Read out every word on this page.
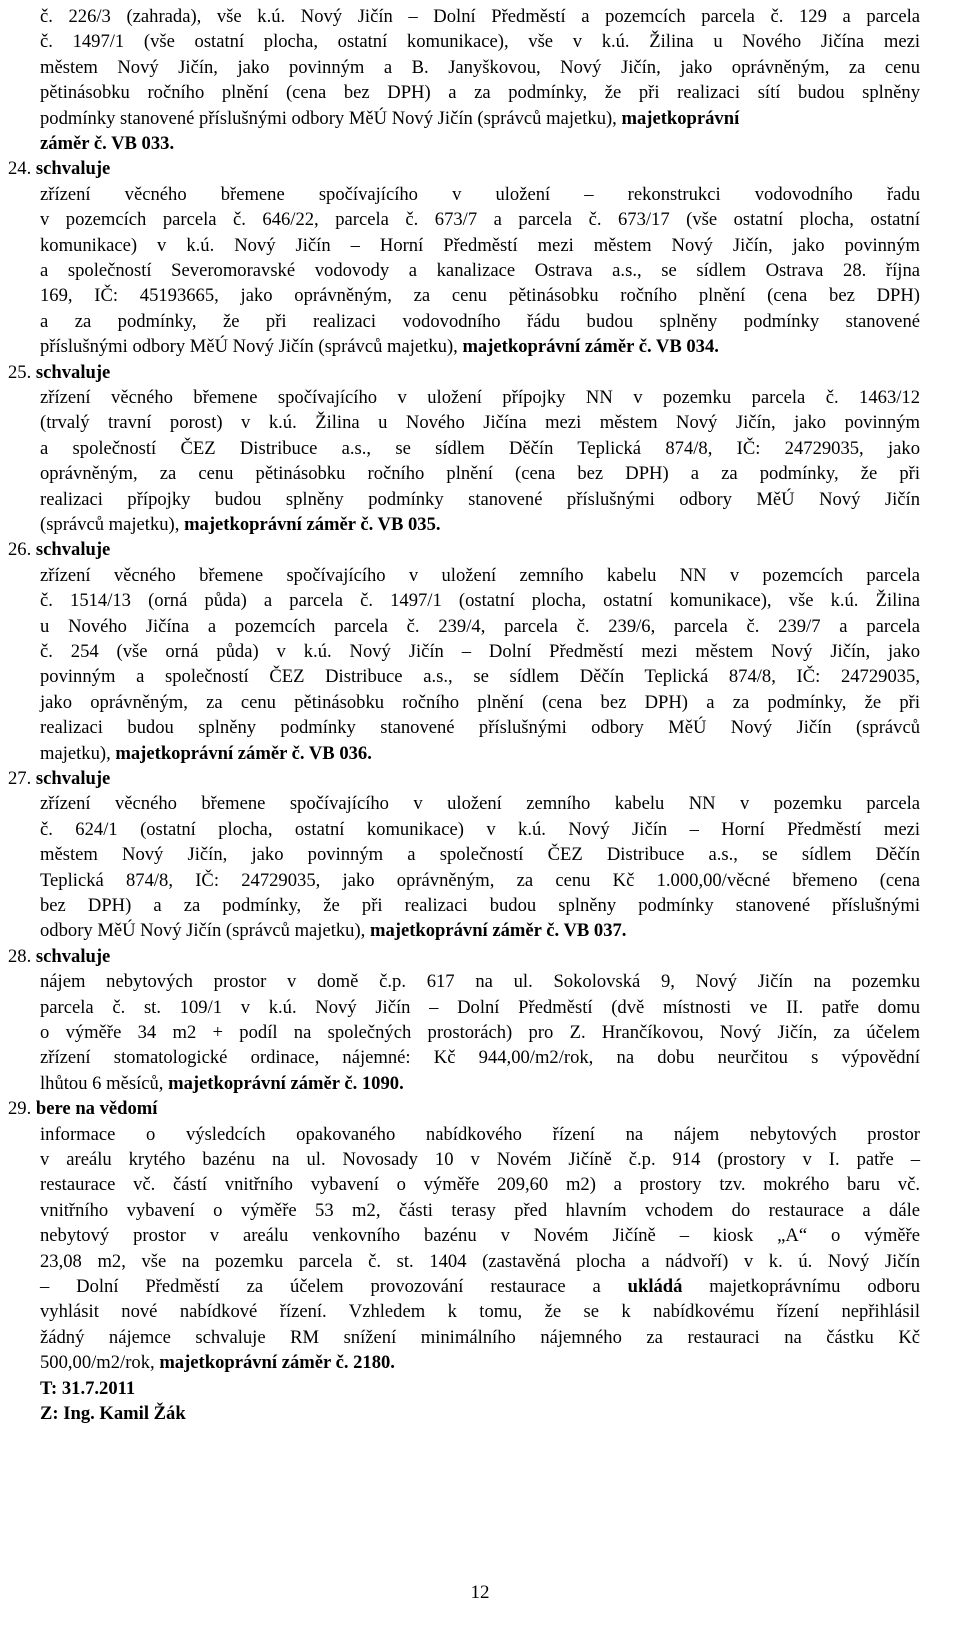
č. 226/3 (zahrada), vše k.ú. Nový Jičín – Dolní Předměstí a pozemcích parcela č. 129 a parcela
č. 1497/1 (vše ostatní plocha, ostatní komunikace), vše v k.ú. Žilina u Nového Jičína mezi
městem Nový Jičín, jako povinným a B. Janyškovou, Nový Jičín, jako oprávněným, za cenu
pětinásobku ročního plnění (cena bez DPH) a za podmínky, že při realizaci sítí budou splněny
podmínky stanovené příslušnými odbory MěÚ Nový Jičín (správců majetku), majetkoprávní
záměr č. VB 033.
24. schvaluje
zřízení věcného břemene spočívajícího v uložení – rekonstrukci vodovodního řadu
v pozemcích parcela č. 646/22, parcela č. 673/7 a parcela č. 673/17 (vše ostatní plocha, ostatní
komunikace) v k.ú. Nový Jičín – Horní Předměstí mezi městem Nový Jičín, jako povinným
a společností Severomoravské vodovody a kanalizace Ostrava a.s., se sídlem Ostrava 28. října
169, IČ: 45193665, jako oprávněným, za cenu pětinásobku ročního plnění (cena bez DPH)
a za podmínky, že při realizaci vodovodního řádu budou splněny podmínky stanovené
příslušnými odbory MěÚ Nový Jičín (správců majetku), majetkoprávní záměr č. VB 034.
25. schvaluje
zřízení věcného břemene spočívajícího v uložení přípojky NN v pozemku parcela č. 1463/12
(trvalý travní porost) v k.ú. Žilina u Nového Jičína mezi městem Nový Jičín, jako povinným
a společností ČEZ Distribuce a.s., se sídlem Děčín Teplická 874/8, IČ: 24729035, jako
oprávněným, za cenu pětinásobku ročního plnění (cena bez DPH) a za podmínky, že při
realizaci přípojky budou splněny podmínky stanovené příslušnými odbory MěÚ Nový Jičín
(správců majetku), majetkoprávní záměr č. VB 035.
26. schvaluje
zřízení věcného břemene spočívajícího v uložení zemního kabelu NN v pozemcích parcela
č. 1514/13 (orná půda) a parcela č. 1497/1 (ostatní plocha, ostatní komunikace), vše k.ú. Žilina
u Nového Jičína a pozemcích parcela č. 239/4, parcela č. 239/6, parcela č. 239/7 a parcela
č. 254 (vše orná půda) v k.ú. Nový Jičín – Dolní Předměstí mezi městem Nový Jičín, jako
povinným a společností ČEZ Distribuce a.s., se sídlem Děčín Teplická 874/8, IČ: 24729035,
jako oprávněným, za cenu pětinásobku ročního plnění (cena bez DPH) a za podmínky, že při
realizaci budou splněny podmínky stanovené příslušnými odbory MěÚ Nový Jičín (správců
majetku), majetkoprávní záměr č. VB 036.
27. schvaluje
zřízení věcného břemene spočívajícího v uložení zemního kabelu NN v pozemku parcela
č. 624/1 (ostatní plocha, ostatní komunikace) v k.ú. Nový Jičín – Horní Předměstí mezi
městem Nový Jičín, jako povinným a společností ČEZ Distribuce a.s., se sídlem Děčín
Teplická 874/8, IČ: 24729035, jako oprávněným, za cenu Kč 1.000,00/věcné břemeno (cena
bez DPH) a za podmínky, že při realizaci budou splněny podmínky stanovené příslušnými
odbory MěÚ Nový Jičín (správců majetku), majetkoprávní záměr č. VB 037.
28. schvaluje
nájem nebytových prostor v domě č.p. 617 na ul. Sokolovská 9, Nový Jičín na pozemku
parcela č. st. 109/1 v k.ú. Nový Jičín – Dolní Předměstí (dvě místnosti ve II. patře domu
o výměře 34 m2 + podíl na společných prostorách) pro Z. Hrančíkovou, Nový Jičín, za účelem
zřízení stomatologické ordinace, nájemné: Kč 944,00/m2/rok, na dobu neurčitou s výpovědní
lhůtou 6 měsíců, majetkoprávní záměr č. 1090.
29. bere na vědomí
informace o výsledcích opakovaného nabídkového řízení na nájem nebytových prostor
v areálu krytého bazénu na ul. Novosady 10 v Novém Jičíně č.p. 914 (prostory v I. patře –
restaurace vč. částí vnitřního vybavení o výměře 209,60 m2) a prostory tzv. mokrého baru vč.
vnitřního vybavení o výměře 53 m2, části terasy před hlavním vchodem do restaurace a dále
nebytový prostor v areálu venkovního bazénu v Novém Jičíně – kiosk „A“ o výměře
23,08 m2, vše na pozemku parcela č. st. 1404 (zastavěná plocha a nádvoří) v k. ú. Nový Jičín
– Dolní Předměstí za účelem provozování restaurace a ukládá majetkoprávnímu odboru
vyhlásit nové nabídkové řízení. Vzhledem k tomu, že se k nabídkovému řízení nepřihlásil
žádný nájemce schvaluje RM snížení minimálního nájemného za restauraci na částku Kč
500,00/m2/rok, majetkoprávní záměr č. 2180.
T: 31.7.2011
Z: Ing. Kamil Žák
12
